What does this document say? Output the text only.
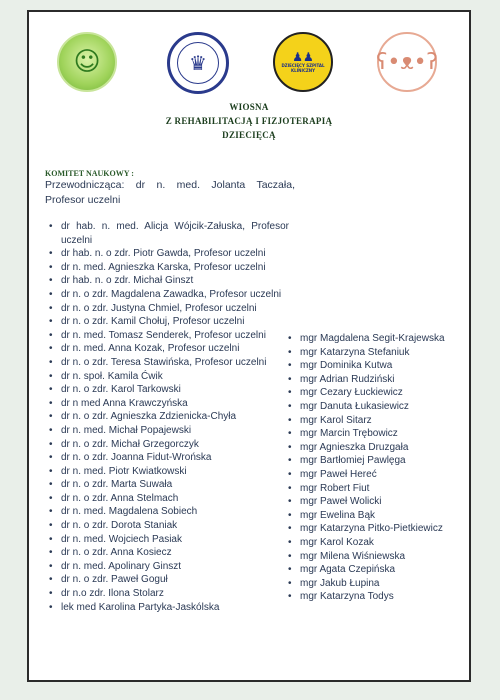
☺	♛	♟♟
DZIECIĘCY SZPITAL
KLINICZNY	ʕ•ᴥ•ʔ
WIOSNA
Z REHABILITACJĄ I FIZJOTERAPIĄ
DZIECIĘCĄ
KOMITET NAUKOWY :
Przewodnicząca: dr n. med. Jolanta Taczała, Profesor uczelni
• dr hab. n. med. Alicja Wójcik-Załuska, Profesor uczelni
• dr hab. n. o zdr. Piotr Gawda, Profesor uczelni
• dr n. med. Agnieszka Karska, Profesor uczelni
• dr hab. n. o zdr. Michał Ginszt
• dr n. o zdr. Magdalena Zawadka, Profesor uczelni
• dr n. o zdr. Justyna Chmiel, Profesor uczelni
• dr n. o zdr. Kamil Chołuj, Profesor uczelni
• dr n. med. Tomasz Senderek, Profesor uczelni
• dr n. med. Anna Kozak, Profesor uczelni
• dr n. o zdr. Teresa Stawińska, Profesor uczelni
• dr n. społ. Kamila Ćwik
• dr n. o zdr. Karol Tarkowski
• dr n med Anna Krawczyńska
• dr n. o zdr. Agnieszka Zdzienicka-Chyła
• dr n. med. Michał Popajewski
• dr n. o zdr. Michał Grzegorczyk
• dr n. o zdr. Joanna Fidut-Wrońska
• dr n. med. Piotr Kwiatkowski
• dr n. o zdr. Marta Suwała
• dr n. o zdr. Anna Stelmach
• dr n. med. Magdalena Sobiech
• dr n. o zdr. Dorota Staniak
• dr n. med. Wojciech Pasiak
• dr n. o zdr. Anna Kosiecz
• dr n. med. Apolinary Ginszt
• dr n. o zdr. Paweł Goguł
• dr n.o zdr. Ilona Stolarz
• lek med Karolina Partyka-Jaskólska
• mgr Magdalena Segit-Krajewska
• mgr Katarzyna Stefaniuk
• mgr Dominika Kutwa
• mgr Adrian Rudziński
• mgr Cezary Łuckiewicz
• mgr Danuta Łukasiewicz
• mgr Karol Sitarz
• mgr Marcin Trębowicz
• mgr Agnieszka Druzgała
• mgr Bartłomiej Pawlęga
• mgr Paweł Hereć
• mgr Robert Fiut
• mgr Paweł Wolicki
• mgr Ewelina Bąk
• mgr Katarzyna Pitko-Pietkiewicz
• mgr Karol Kozak
• mgr Milena Wiśniewska
• mgr Agata Czepińska
• mgr Jakub Łupina
• mgr Katarzyna Todys
